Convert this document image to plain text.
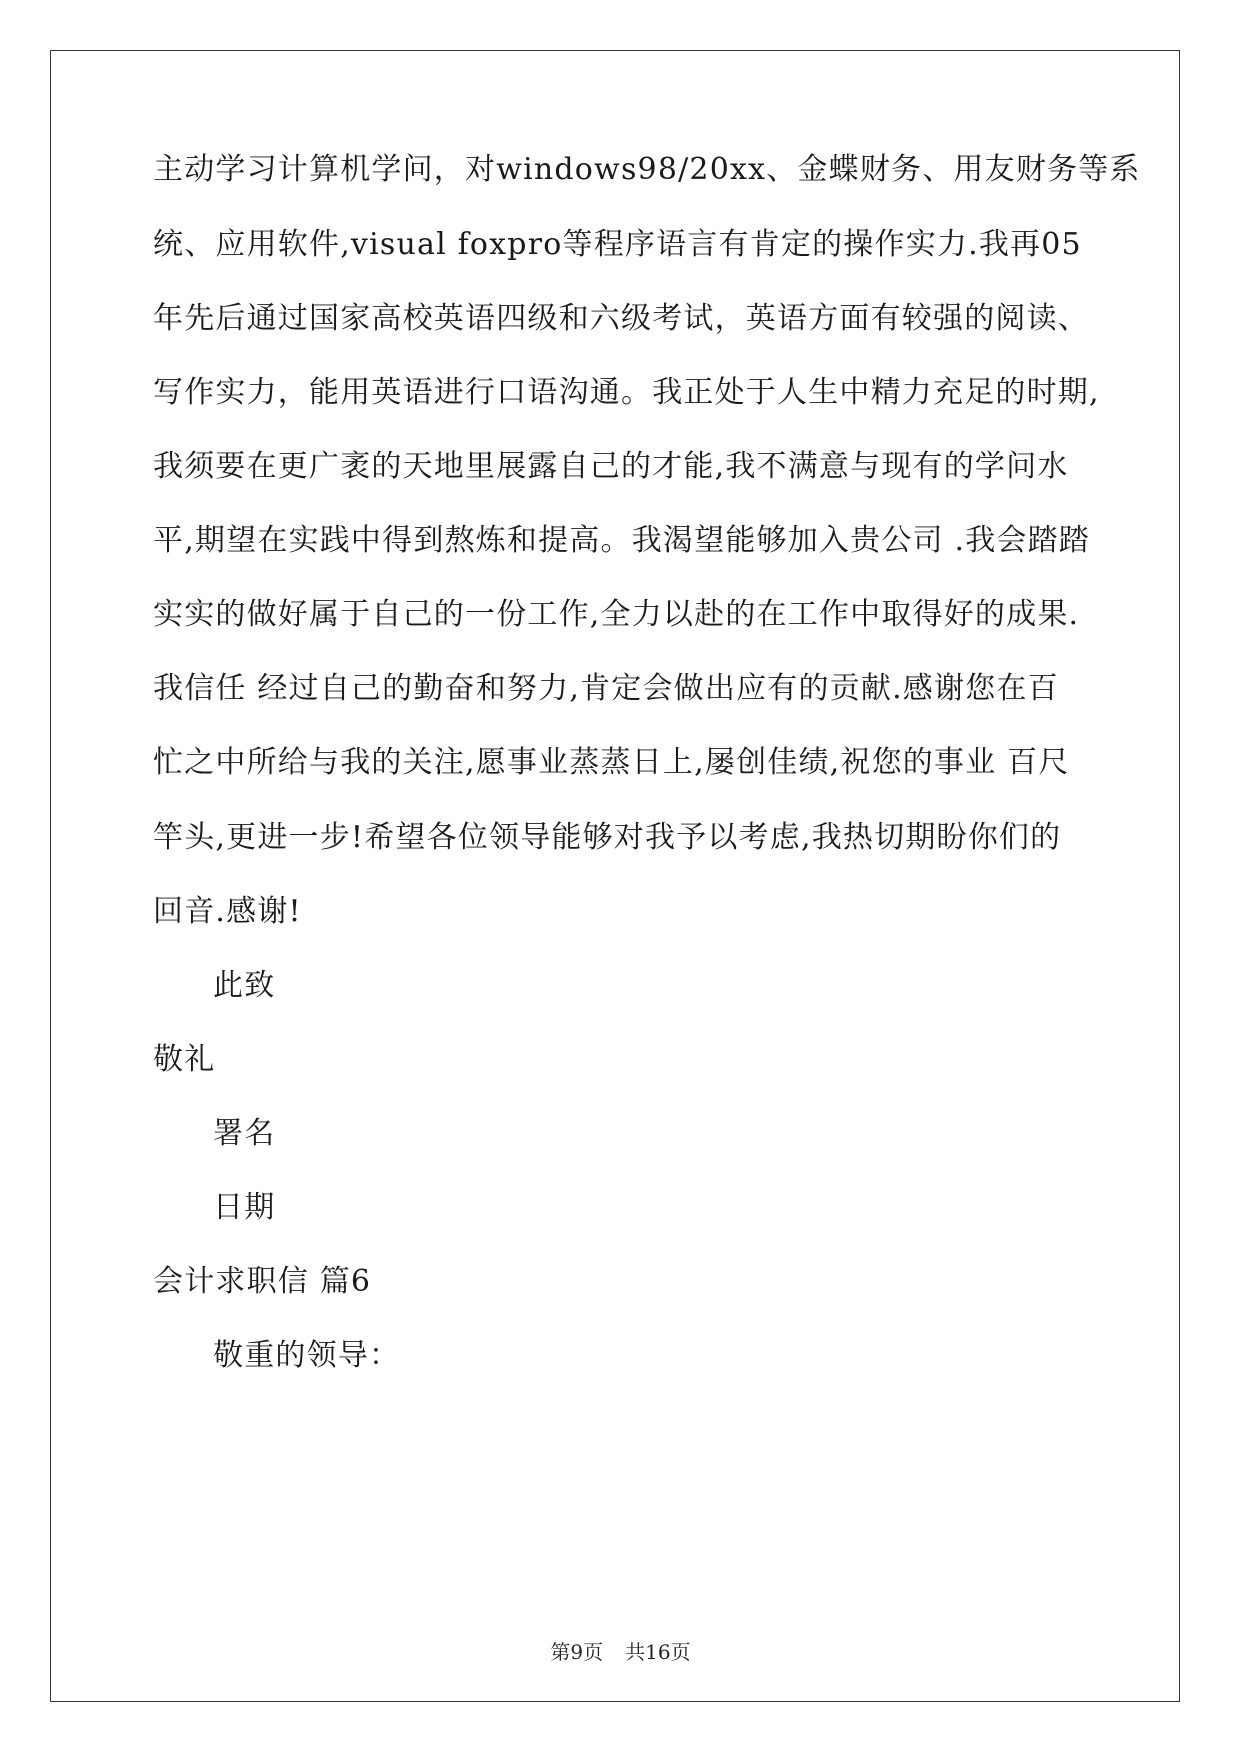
主动学习计算机学问，对windows98/20xx、金蝶财务、用友财务等系
统、应用软件,visual foxpro等程序语言有肯定的操作实力.我再05
年先后通过国家高校英语四级和六级考试，英语方面有较强的阅读、
写作实力，能用英语进行口语沟通。我正处于人生中精力充足的时期,
我须要在更广袤的天地里展露自己的才能,我不满意与现有的学问水
平,期望在实践中得到熬炼和提高。我渴望能够加入贵公司 .我会踏踏
实实的做好属于自己的一份工作,全力以赴的在工作中取得好的成果.
我信任 经过自己的勤奋和努力,肯定会做出应有的贡献.感谢您在百
忙之中所给与我的关注,愿事业蒸蒸日上,屡创佳绩,祝您的事业 百尺
竿头,更进一步!希望各位领导能够对我予以考虑,我热切期盼你们的
回音.感谢!
此致
敬礼
署名
日期
会计求职信 篇6
敬重的领导：
第9页 共16页
